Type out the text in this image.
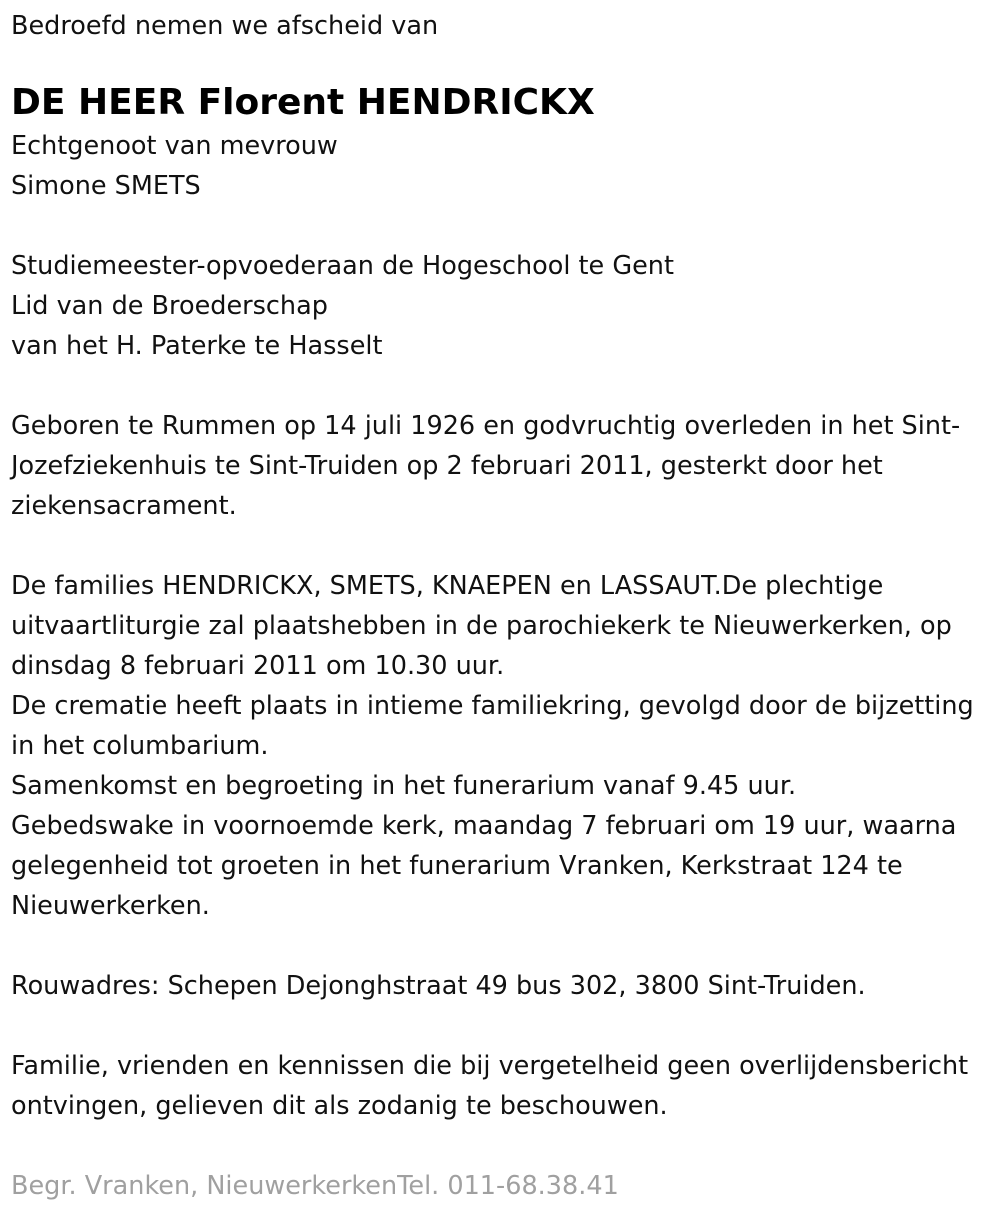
Bedroefd nemen we afscheid van

DE HEER Florent HENDRICKX

Echtgenoot van mevrouw

Simone SMETS

Studiemeester-opvoederaan de Hogeschool te Gent

Lid van de Broederschap

van het H. Paterke te Hasselt

Geboren te Rummen op 14 juli 1926 en godvruchtig overleden in het Sint-Jozefziekenhuis te Sint-Truiden op 2 februari 2011, gesterkt door het ziekensacrament.

De families HENDRICKX, SMETS, KNAEPEN en LASSAUT.De plechtige uitvaartliturgie zal plaatshebben in de parochiekerk te Nieuwerkerken, op dinsdag 8 februari 2011 om 10.30 uur.

De crematie heeft plaats in intieme familiekring, gevolgd door de bijzetting in het columbarium.

Samenkomst en begroeting in het funerarium vanaf 9.45 uur.

Gebedswake in voornoemde kerk, maandag 7 februari om 19 uur, waarna gelegenheid tot groeten in het funerarium Vranken, Kerkstraat 124 te Nieuwerkerken.

Rouwadres: Schepen Dejonghstraat 49 bus 302, 3800 Sint-Truiden.

Familie, vrienden en kennissen die bij vergetelheid geen overlijdensbericht ontvingen, gelieven dit als zodanig te beschouwen.

Begr. Vranken, NieuwerkerkenTel. 011-68.38.41
